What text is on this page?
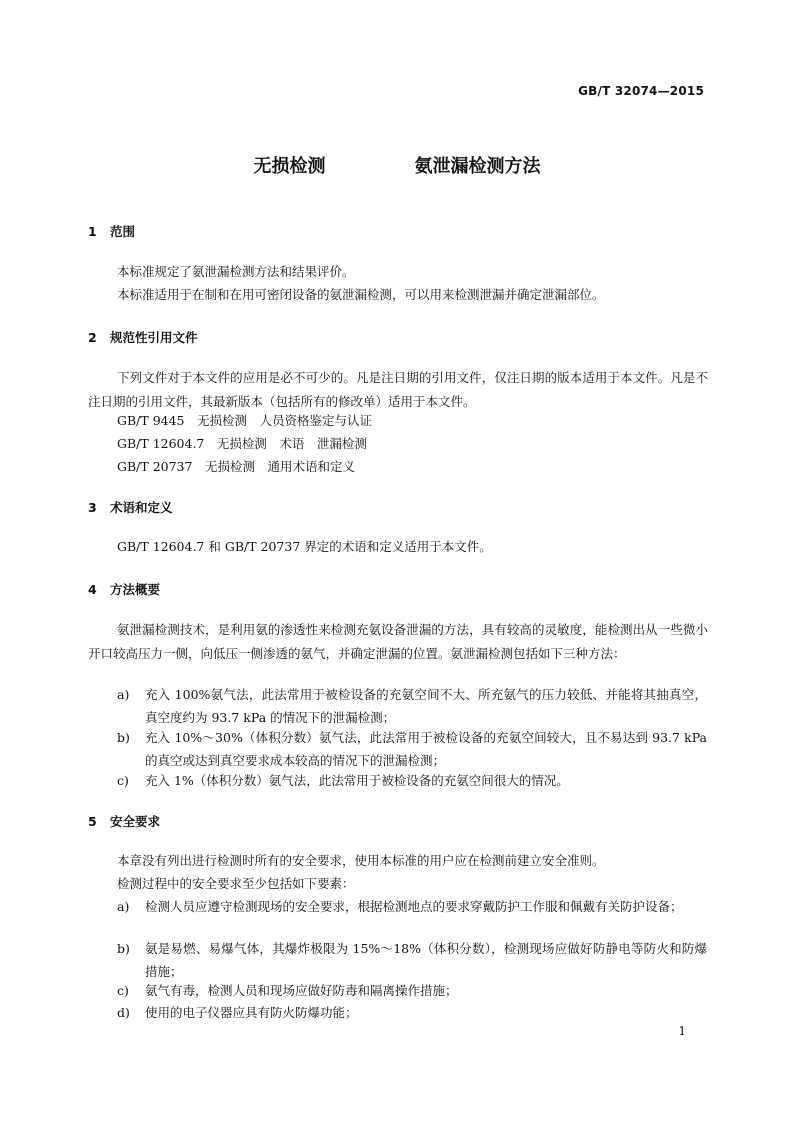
GB/T 32074—2015
无损检测    氨泄漏检测方法
1 范围
本标准规定了氨泄漏检测方法和结果评价。
本标准适用于在制和在用可密闭设备的氨泄漏检测，可以用来检测泄漏并确定泄漏部位。
2 规范性引用文件
下列文件对于本文件的应用是必不可少的。凡是注日期的引用文件，仅注日期的版本适用于本文件。凡是不注日期的引用文件，其最新版本（包括所有的修改单）适用于本文件。
GB/T 9445　无损检测　人员资格鉴定与认证
GB/T 12604.7　无损检测　术语　泄漏检测
GB/T 20737　无损检测　通用术语和定义
3 术语和定义
GB/T 12604.7 和 GB/T 20737 界定的术语和定义适用于本文件。
4 方法概要
氨泄漏检测技术，是利用氨的渗透性来检测充氨设备泄漏的方法，具有较高的灵敏度，能检测出从一些微小开口较高压力一侧，向低压一侧渗透的氨气，并确定泄漏的位置。氨泄漏检测包括如下三种方法：
a)	充入 100%氨气法，此法常用于被检设备的充氨空间不大、所充氨气的压力较低、并能将其抽真空，真空度约为 93.7 kPa 的情况下的泄漏检测；
b)	充入 10%～30%（体积分数）氨气法，此法常用于被检设备的充氨空间较大，且不易达到 93.7 kPa的真空或达到真空要求成本较高的情况下的泄漏检测；
c)	充入 1%（体积分数）氨气法，此法常用于被检设备的充氨空间很大的情况。
5 安全要求
本章没有列出进行检测时所有的安全要求，使用本标准的用户应在检测前建立安全准则。
检测过程中的安全要求至少包括如下要素：
a)	检测人员应遵守检测现场的安全要求，根据检测地点的要求穿戴防护工作服和佩戴有关防护设备；
b)	氨是易燃、易爆气体，其爆炸极限为 15%～18%（体积分数），检测现场应做好防静电等防火和防爆措施；
c)	氨气有毒，检测人员和现场应做好防毒和隔离操作措施；
d)	使用的电子仪器应具有防火防爆功能；
1
